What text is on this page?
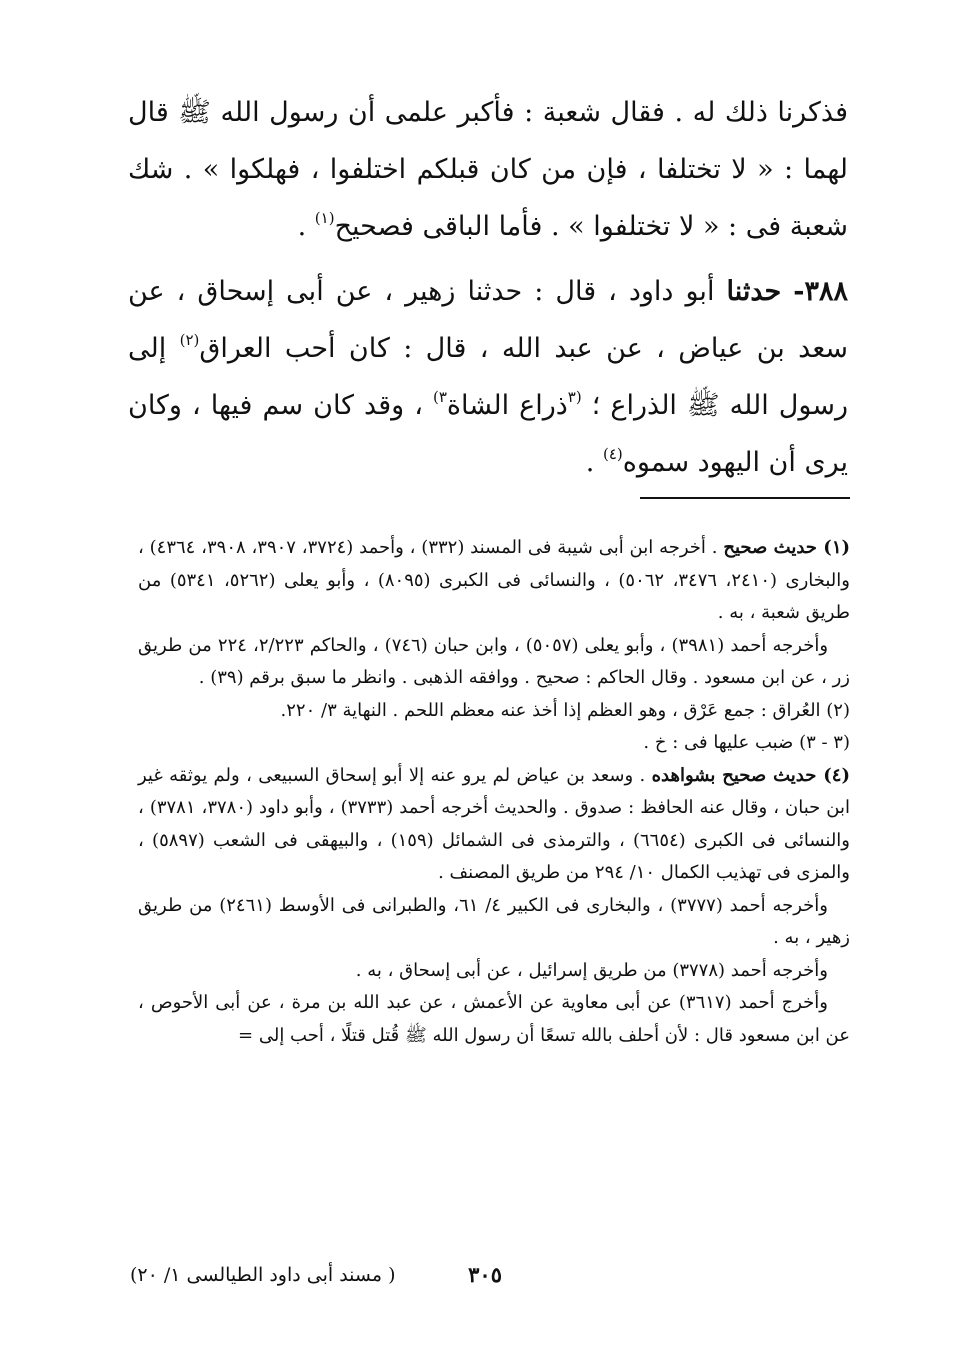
فذكرنا ذلك له . فقال شعبة : فأكبر علمى أن رسول الله ﷺ قال لهما : « لا تختلفا ، فإن من كان قبلكم اختلفوا ، فهلكوا » . شك شعبة فى : « لا تختلفوا » . فأما الباقى فصحيح$^{(١)}$ .

٣٨٨- حدثنا أبو داود ، قال : حدثنا زهير ، عن أبى إسحاق ، عن سعد بن عياض ، عن عبد الله ، قال : كان أحب العراق$^{(٢)}$ إلى رسول الله ﷺ الذراع ؛ $^{(٣}$ذراع الشاة$^{٣)}$ ، وقد كان سم فيها ، وكان يرى أن اليهود سموه$^{(٤)}$ .

(١) حديث صحيح . أخرجه ابن أبى شيبة فى المسند (٣٣٢) ، وأحمد (٣٧٢٤، ٣٩٠٧، ٣٩٠٨، ٤٣٦٤) ، والبخارى (٢٤١٠، ٣٤٧٦، ٥٠٦٢) ، والنسائى فى الكبرى (٨٠٩٥) ، وأبو يعلى (٥٢٦٢، ٥٣٤١) من طريق شعبة ، به .

وأخرجه أحمد (٣٩٨١) ، وأبو يعلى (٥٠٥٧) ، وابن حبان (٧٤٦) ، والحاكم ٢/٢٢٣، ٢٢٤ من طريق زر ، عن ابن مسعود . وقال الحاكم : صحيح . ووافقه الذهبى . وانظر ما سبق برقم (٣٩) .

(٢) العُراق : جمع عَرْق ، وهو العظم إذا أخذ عنه معظم اللحم . النهاية ٣/ ٢٢٠.

(٣ - ٣) ضبب عليها فى : خ .

(٤) حديث صحيح بشواهده . وسعد بن عياض لم يرو عنه إلا أبو إسحاق السبيعى ، ولم يوثقه غير ابن حبان ، وقال عنه الحافظ : صدوق . والحديث أخرجه أحمد (٣٧٣٣) ، وأبو داود (٣٧٨٠، ٣٧٨١) ، والنسائى فى الكبرى (٦٦٥٤) ، والترمذى فى الشمائل (١٥٩) ، والبيهقى فى الشعب (٥٨٩٧) ، والمزى فى تهذيب الكمال ١٠/ ٢٩٤ من طريق المصنف .

وأخرجه أحمد (٣٧٧٧) ، والبخارى فى الكبير ٤/ ٦١، والطبرانى فى الأوسط (٢٤٦١) من طريق زهير ، به .

وأخرجه أحمد (٣٧٧٨) من طريق إسرائيل ، عن أبى إسحاق ، به .

وأخرج أحمد (٣٦١٧) عن أبى معاوية عن الأعمش ، عن عبد الله بن مرة ، عن أبى الأحوص ، عن ابن مسعود قال : لأن أحلف بالله تسعًا أن رسول الله ﷺ قُتل قتلًا ، أحب إلى =

٣٠٥
( مسند أبى داود الطيالسى ١/ ٢٠)
